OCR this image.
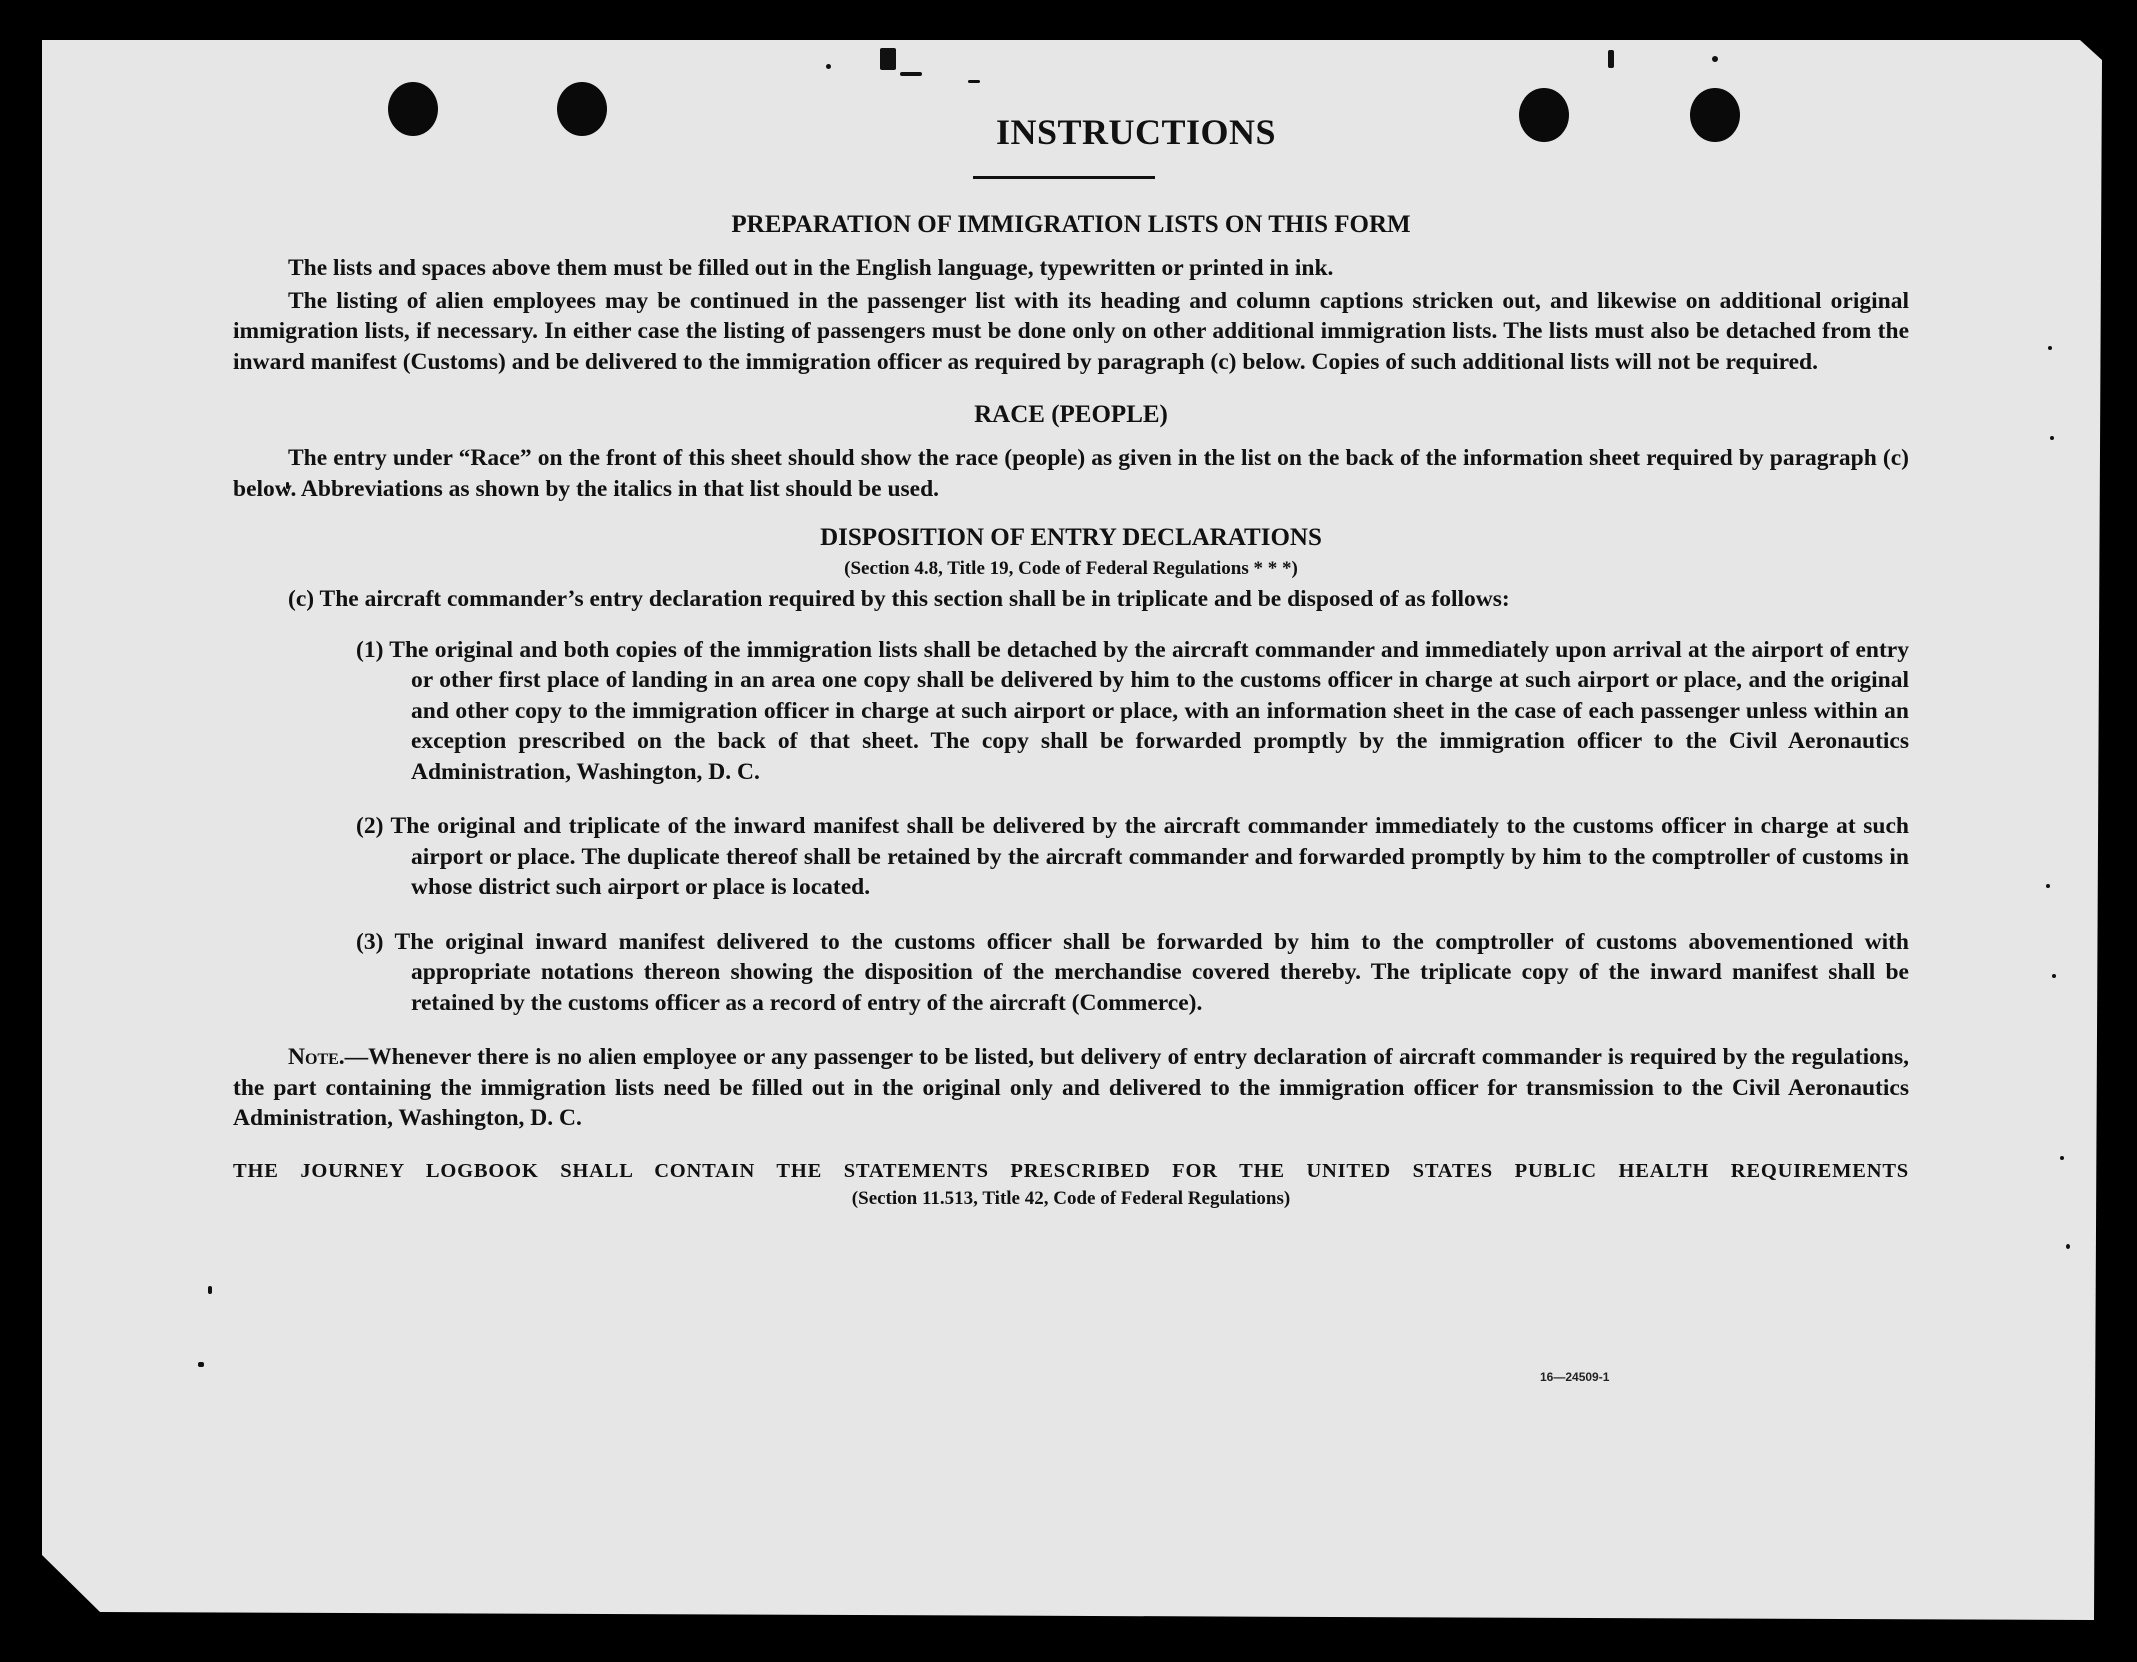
INSTRUCTIONS
PREPARATION OF IMMIGRATION LISTS ON THIS FORM

The lists and spaces above them must be filled out in the English language, typewritten or printed in ink.

The listing of alien employees may be continued in the passenger list with its heading and column captions stricken out, and likewise on additional original immigration lists, if necessary. In either case the listing of passengers must be done only on other additional immigration lists. The lists must also be detached from the inward manifest (Customs) and be delivered to the immigration officer as required by paragraph (c) below. Copies of such additional lists will not be required.

RACE (PEOPLE)

The entry under “Race” on the front of this sheet should show the race (people) as given in the list on the back of the information sheet required by paragraph (c) below. Abbreviations as shown by the italics in that list should be used.

DISPOSITION OF ENTRY DECLARATIONS

(Section 4.8, Title 19, Code of Federal Regulations * * *)

(c) The aircraft commander’s entry declaration required by this section shall be in triplicate and be disposed of as follows:

(1) The original and both copies of the immigration lists shall be detached by the aircraft commander and immediately upon arrival at the airport of entry or other first place of landing in an area one copy shall be delivered by him to the customs officer in charge at such airport or place, and the original and other copy to the immigration officer in charge at such airport or place, with an information sheet in the case of each passenger unless within an exception prescribed on the back of that sheet. The copy shall be forwarded promptly by the immigration officer to the Civil Aeronautics Administration, Washington, D. C.

(2) The original and triplicate of the inward manifest shall be delivered by the aircraft commander immediately to the customs officer in charge at such airport or place. The duplicate thereof shall be retained by the aircraft commander and forwarded promptly by him to the comptroller of customs in whose district such airport or place is located.

(3) The original inward manifest delivered to the customs officer shall be forwarded by him to the comptroller of customs abovementioned with appropriate notations thereon showing the disposition of the merchandise covered thereby. The triplicate copy of the inward manifest shall be retained by the customs officer as a record of entry of the aircraft (Commerce).

Note.—Whenever there is no alien employee or any passenger to be listed, but delivery of entry declaration of aircraft commander is required by the regulations, the part containing the immigration lists need be filled out in the original only and delivered to the immigration officer for transmission to the Civil Aeronautics Administration, Washington, D. C.

THE JOURNEY LOGBOOK SHALL CONTAIN THE STATEMENTS PRESCRIBED FOR THE UNITED STATES PUBLIC HEALTH REQUIREMENTS

(Section 11.513, Title 42, Code of Federal Regulations)

16—24509-1
